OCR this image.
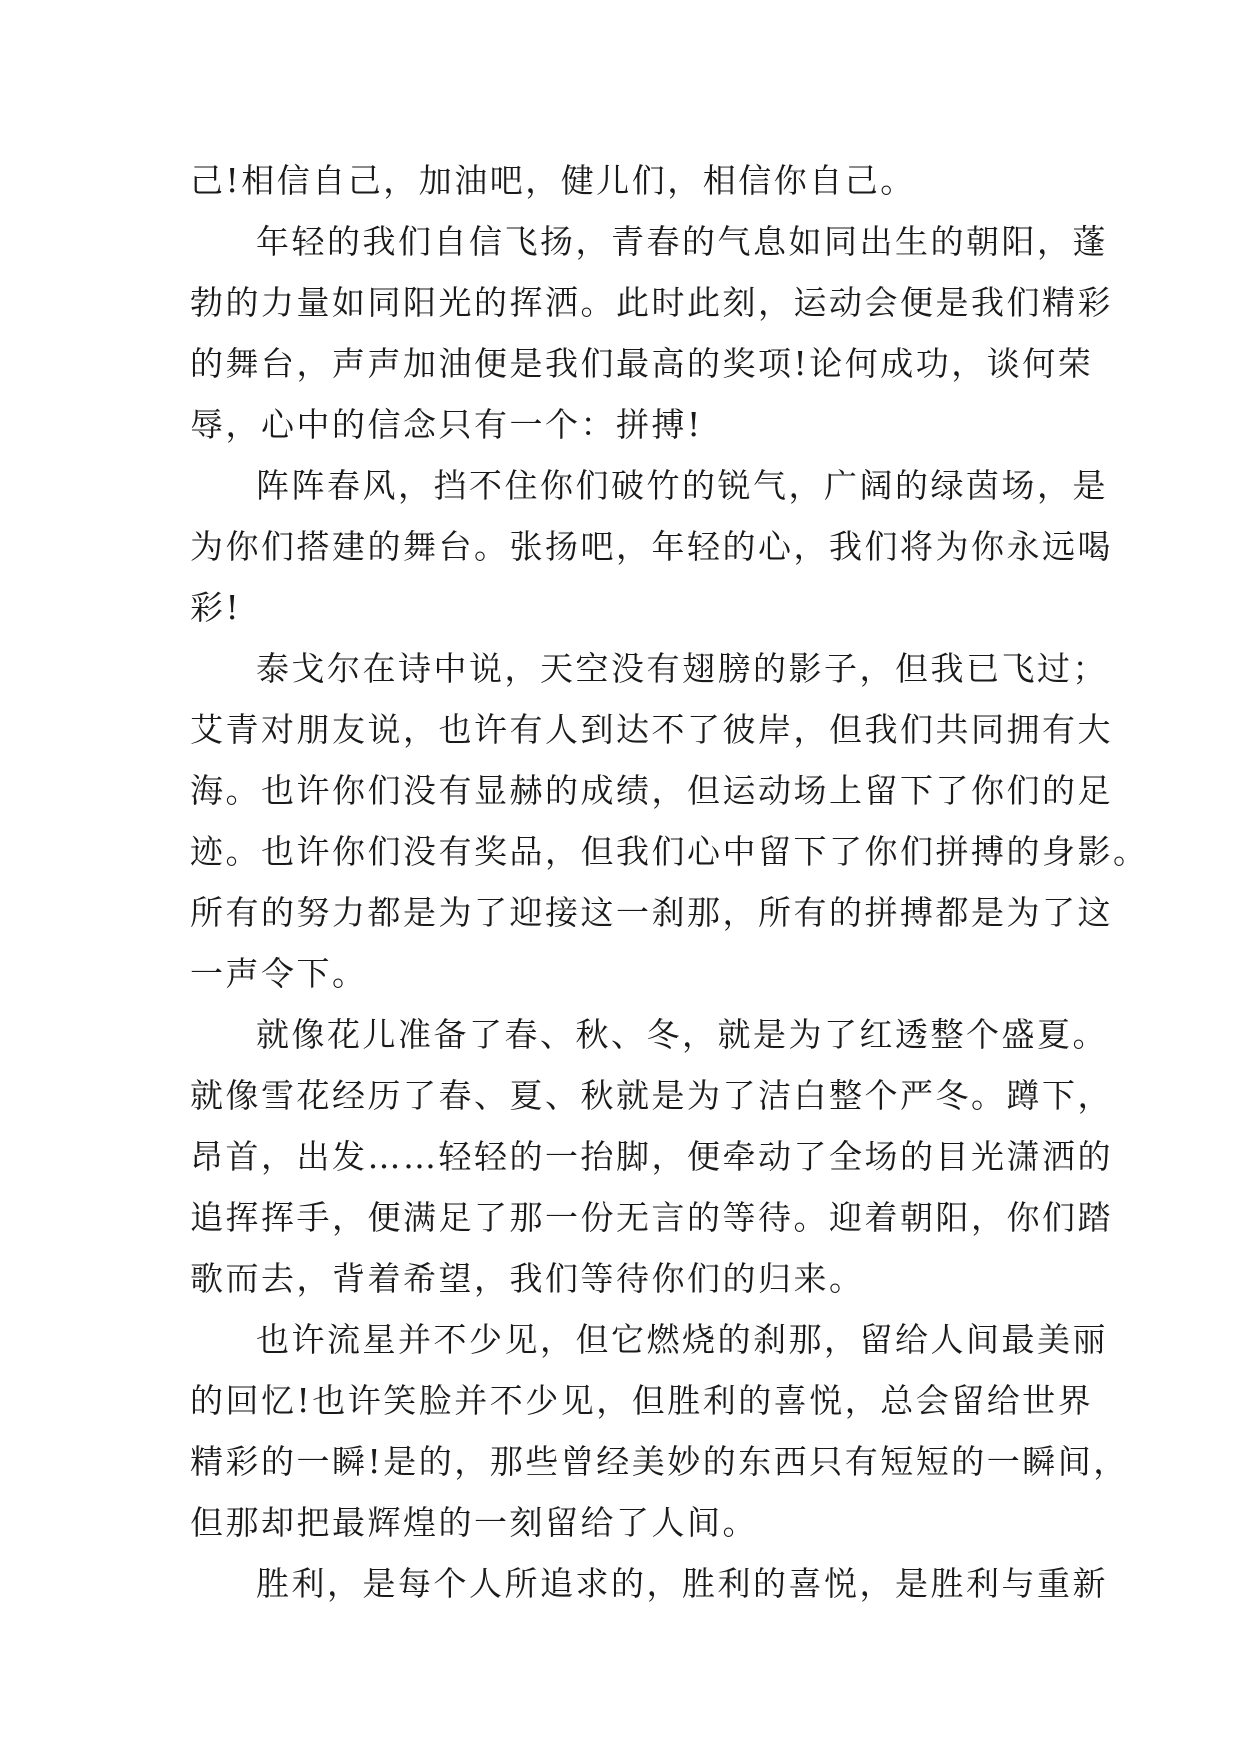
己!相信自己，加油吧，健儿们，相信你自己。
年轻的我们自信飞扬，青春的气息如同出生的朝阳，蓬
勃的力量如同阳光的挥洒。此时此刻，运动会便是我们精彩
的舞台，声声加油便是我们最高的奖项!论何成功，谈何荣
辱，心中的信念只有一个：拼搏!
阵阵春风，挡不住你们破竹的锐气，广阔的绿茵场，是
为你们搭建的舞台。张扬吧，年轻的心，我们将为你永远喝
彩!
泰戈尔在诗中说，天空没有翅膀的影子，但我已飞过；
艾青对朋友说，也许有人到达不了彼岸，但我们共同拥有大
海。也许你们没有显赫的成绩，但运动场上留下了你们的足
迹。也许你们没有奖品，但我们心中留下了你们拼搏的身影。
所有的努力都是为了迎接这一刹那，所有的拼搏都是为了这
一声令下。
就像花儿准备了春、秋、冬，就是为了红透整个盛夏。
就像雪花经历了春、夏、秋就是为了洁白整个严冬。蹲下，
昂首，出发……轻轻的一抬脚，便牵动了全场的目光潇洒的
追挥挥手，便满足了那一份无言的等待。迎着朝阳，你们踏
歌而去，背着希望，我们等待你们的归来。
也许流星并不少见，但它燃烧的刹那，留给人间最美丽
的回忆!也许笑脸并不少见，但胜利的喜悦，总会留给世界
精彩的一瞬!是的，那些曾经美妙的东西只有短短的一瞬间，
但那却把最辉煌的一刻留给了人间。
胜利，是每个人所追求的，胜利的喜悦，是胜利与重新
